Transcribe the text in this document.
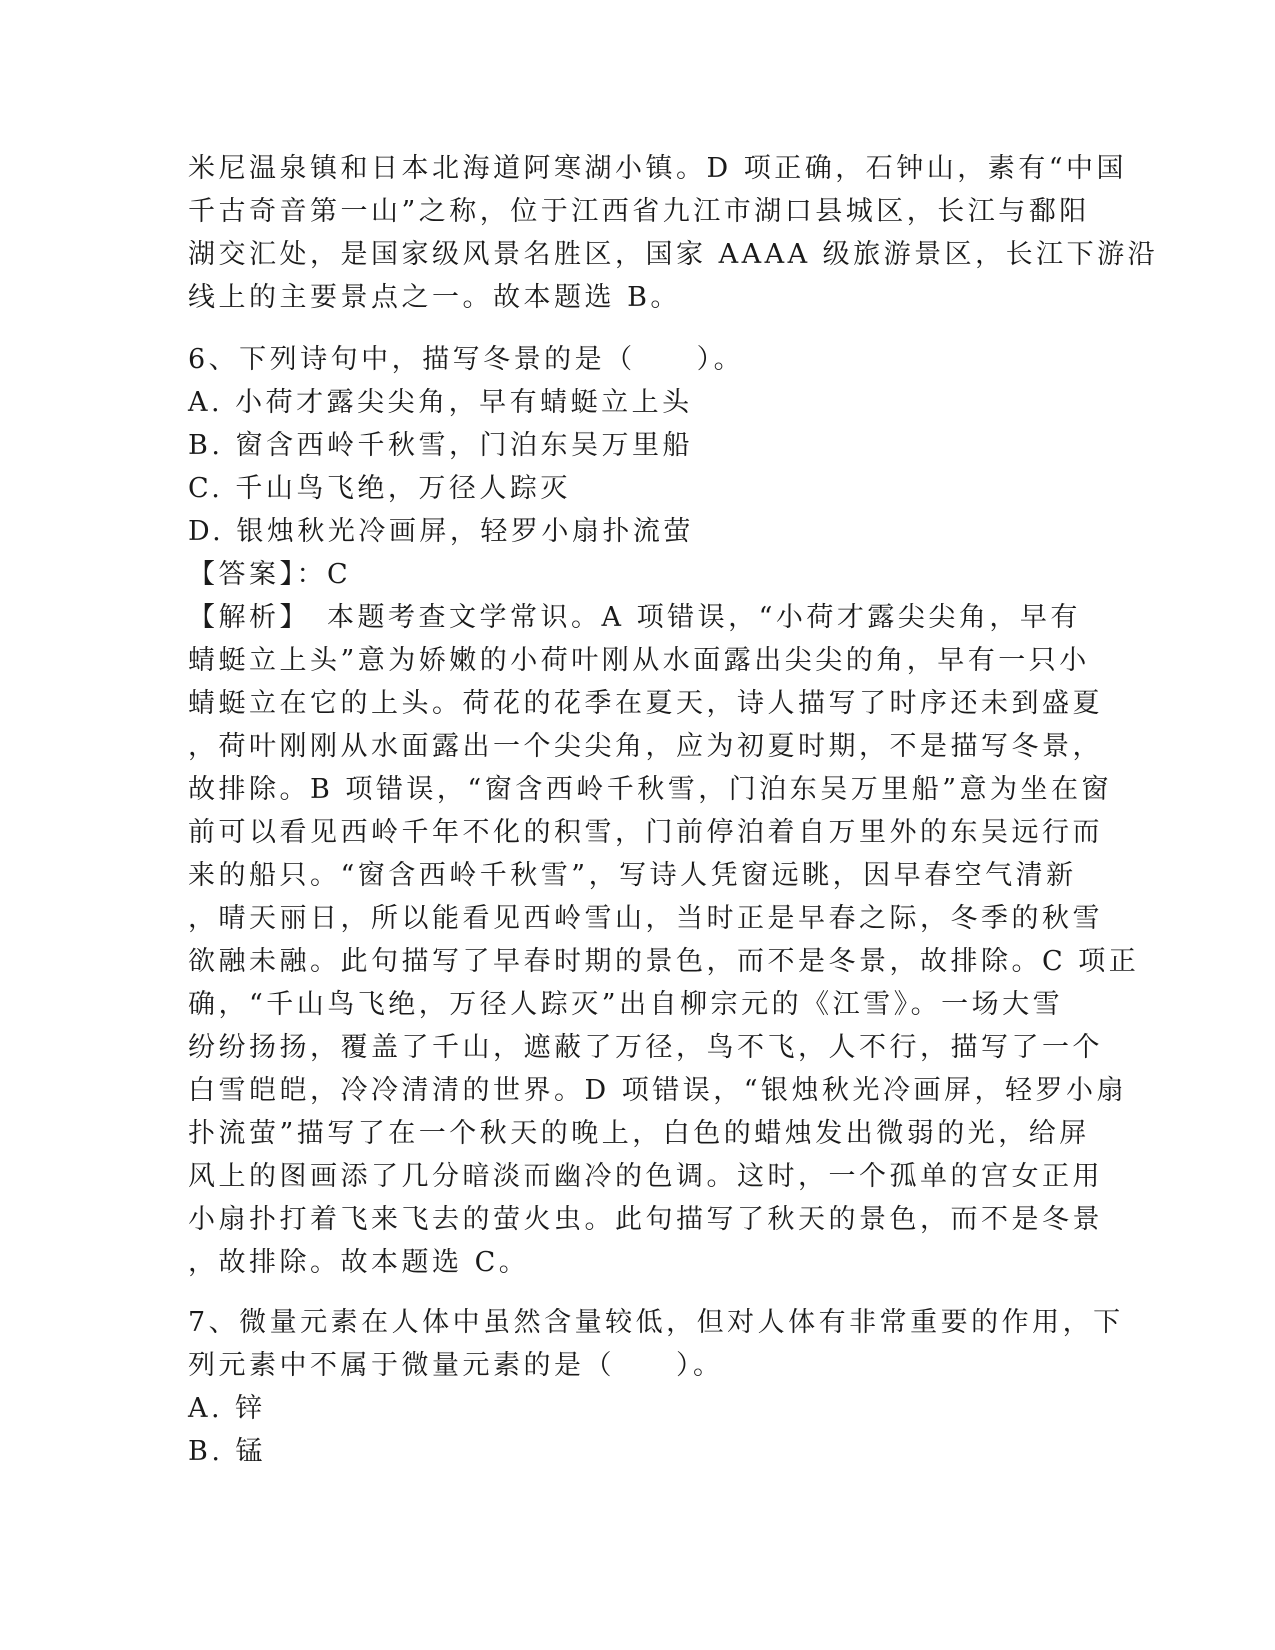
米尼温泉镇和日本北海道阿寒湖小镇。D 项正确，石钟山，素有“中国
千古奇音第一山”之称，位于江西省九江市湖口县城区，长江与鄱阳
湖交汇处，是国家级风景名胜区，国家 AAAA 级旅游景区，长江下游沿
线上的主要景点之一。故本题选 B。
6、下列诗句中，描写冬景的是（　　）。
A. 小荷才露尖尖角，早有蜻蜓立上头
B. 窗含西岭千秋雪，门泊东吴万里船
C. 千山鸟飞绝，万径人踪灭
D. 银烛秋光冷画屏，轻罗小扇扑流萤
【答案】：C
【解析】　本题考查文学常识。A 项错误，“小荷才露尖尖角，早有
蜻蜓立上头”意为娇嫩的小荷叶刚从水面露出尖尖的角，早有一只小
蜻蜓立在它的上头。荷花的花季在夏天，诗人描写了时序还未到盛夏
，荷叶刚刚从水面露出一个尖尖角，应为初夏时期，不是描写冬景，
故排除。B 项错误，“窗含西岭千秋雪，门泊东吴万里船”意为坐在窗
前可以看见西岭千年不化的积雪，门前停泊着自万里外的东吴远行而
来的船只。“窗含西岭千秋雪”，写诗人凭窗远眺，因早春空气清新
，晴天丽日，所以能看见西岭雪山，当时正是早春之际，冬季的秋雪
欲融未融。此句描写了早春时期的景色，而不是冬景，故排除。C 项正
确，“千山鸟飞绝，万径人踪灭”出自柳宗元的《江雪》。一场大雪
纷纷扬扬，覆盖了千山，遮蔽了万径，鸟不飞，人不行，描写了一个
白雪皑皑，冷冷清清的世界。D 项错误，“银烛秋光冷画屏，轻罗小扇
扑流萤”描写了在一个秋天的晚上，白色的蜡烛发出微弱的光，给屏
风上的图画添了几分暗淡而幽冷的色调。这时，一个孤单的宫女正用
小扇扑打着飞来飞去的萤火虫。此句描写了秋天的景色，而不是冬景
，故排除。故本题选 C。
7、微量元素在人体中虽然含量较低，但对人体有非常重要的作用，下
列元素中不属于微量元素的是（　　）。
A. 锌
B. 锰
